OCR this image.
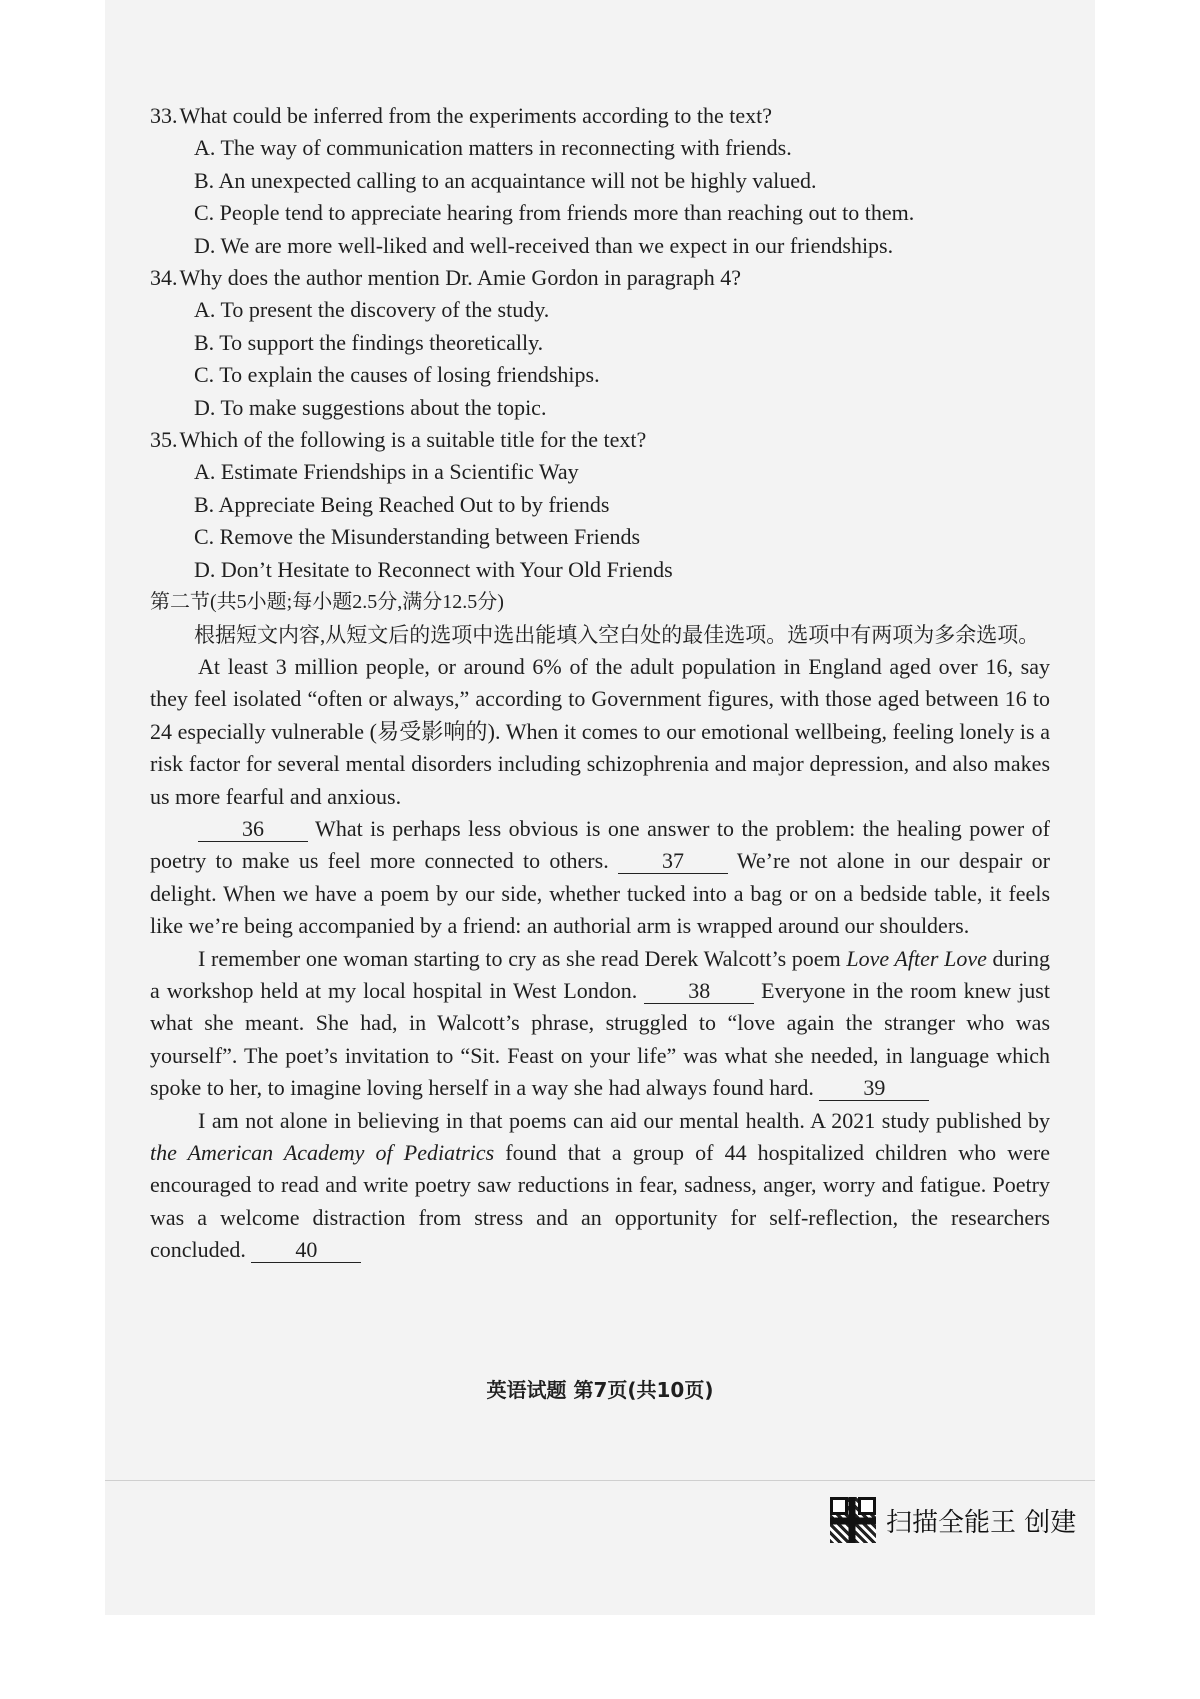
33.What could be inferred from the experiments according to the text?

A. The way of communication matters in reconnecting with friends.

B. An unexpected calling to an acquaintance will not be highly valued.

C. People tend to appreciate hearing from friends more than reaching out to them.

D. We are more well-liked and well-received than we expect in our friendships.

34.Why does the author mention Dr. Amie Gordon in paragraph 4?

A. To present the discovery of the study.

B. To support the findings theoretically.

C. To explain the causes of losing friendships.

D. To make suggestions about the topic.

35.Which of the following is a suitable title for the text?

A. Estimate Friendships in a Scientific Way

B. Appreciate Being Reached Out to by friends

C. Remove the Misunderstanding between Friends

D. Don’t Hesitate to Reconnect with Your Old Friends

第二节(共5小题;每小题2.5分,满分12.5分)

根据短文内容,从短文后的选项中选出能填入空白处的最佳选项。选项中有两项为多余选项。

At least 3 million people, or around 6% of the adult population in England aged over 16, say they feel isolated “often or always,” according to Government figures, with those aged between 16 to 24 especially vulnerable (易受影响的). When it comes to our emotional wellbeing, feeling lonely is a risk factor for several mental disorders including schizophrenia and major depression, and also makes us more fearful and anxious.

36 What is perhaps less obvious is one answer to the problem: the healing power of poetry to make us feel more connected to others. 37 We’re not alone in our despair or delight. When we have a poem by our side, whether tucked into a bag or on a bedside table, it feels like we’re being accompanied by a friend: an authorial arm is wrapped around our shoulders.

I remember one woman starting to cry as she read Derek Walcott’s poem Love After Love during a workshop held at my local hospital in West London. 38 Everyone in the room knew just what she meant. She had, in Walcott’s phrase, struggled to “love again the stranger who was yourself”. The poet’s invitation to “Sit. Feast on your life” was what she needed, in language which spoke to her, to imagine loving herself in a way she had always found hard. 39

I am not alone in believing in that poems can aid our mental health. A 2021 study published by the American Academy of Pediatrics found that a group of 44 hospitalized children who were encouraged to read and write poetry saw reductions in fear, sadness, anger, worry and fatigue. Poetry was a welcome distraction from stress and an opportunity for self-reflection, the researchers concluded. 40

英语试题 第7页(共10页)
扫描全能王 创建
